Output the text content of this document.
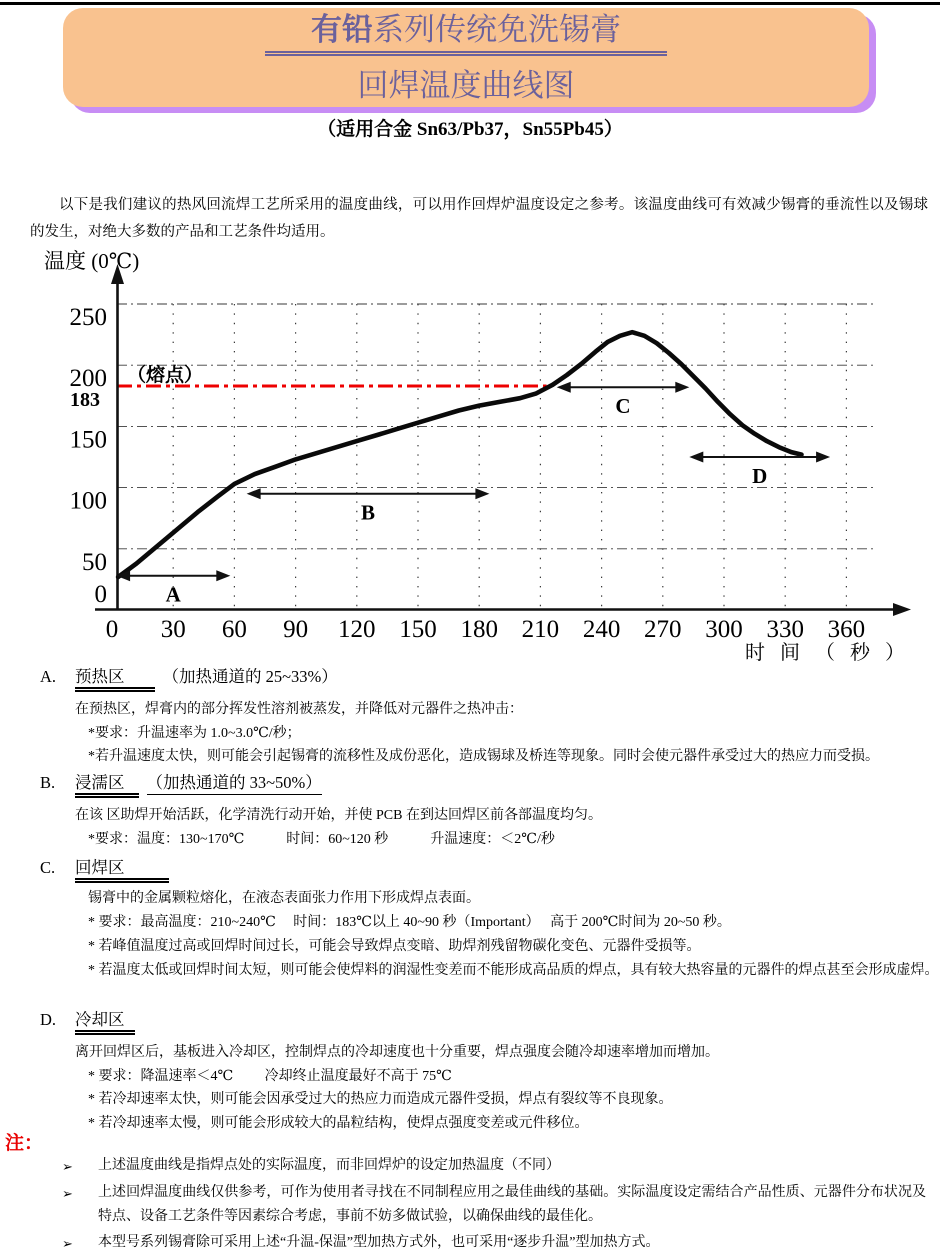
有铅系列传统免洗锡膏
回焊温度曲线图
（适用合金 Sn63/Pb37，Sn55Pb45）
以下是我们建议的热风回流焊工艺所采用的温度曲线，可以用作回焊炉温度设定之参考。该温度曲线可有效减少锡膏的垂流性以及锡球的发生，对绝大多数的产品和工艺条件均适用。
（熔点）
183
0
50
100
150
200
250
0 30 60 90 120 150 180 210 240 270 300 330 360
温度 (0℃)
时 间 （ 秒 ）
A
B
C
D
A. 预热区 （加热通道的 25~33%）
在预热区，焊膏内的部分挥发性溶剂被蒸发，并降低对元器件之热冲击：
*要求：升温速率为 1.0~3.0℃/秒；
*若升温速度太快，则可能会引起锡膏的流移性及成份恶化，造成锡球及桥连等现象。同时会使元器件承受过大的热应力而受损。
B. 浸濡区 （加热通道的 33~50%）
在该 区助焊开始活跃，化学清洗行动开始，并使 PCB 在到达回焊区前各部温度均匀。
*要求：温度：130~170℃　　　时间：60~120 秒　　　升温速度：＜2℃/秒
C. 回焊区
锡膏中的金属颗粒熔化，在液态表面张力作用下形成焊点表面。
* 要求：最高温度：210~240℃　 时间：183℃以上 40~90 秒（Important）　 高于 200℃时间为 20~50 秒。
* 若峰值温度过高或回焊时间过长，可能会导致焊点变暗、助焊剂残留物碳化变色、元器件受损等。
* 若温度太低或回焊时间太短，则可能会使焊料的润湿性变差而不能形成高品质的焊点，具有较大热容量的元器件的焊点甚至会形成虚焊。
D. 冷却区
离开回焊区后，基板进入冷却区，控制焊点的冷却速度也十分重要，焊点强度会随冷却速率增加而增加。
* 要求：降温速率＜4℃　　 冷却终止温度最好不高于 75℃
* 若冷却速率太快，则可能会因承受过大的热应力而造成元器件受损，焊点有裂纹等不良现象。
* 若冷却速率太慢，则可能会形成较大的晶粒结构，使焊点强度变差或元件移位。
注：
➢	上述温度曲线是指焊点处的实际温度，而非回焊炉的设定加热温度（不同）
➢	上述回焊温度曲线仅供参考，可作为使用者寻找在不同制程应用之最佳曲线的基础。实际温度设定需结合产品性质、元器件分布状况及特点、设备工艺条件等因素综合考虑，事前不妨多做试验，以确保曲线的最佳化。
➢	本型号系列锡膏除可采用上述“升温-保温”型加热方式外，也可采用“逐步升温”型加热方式。
